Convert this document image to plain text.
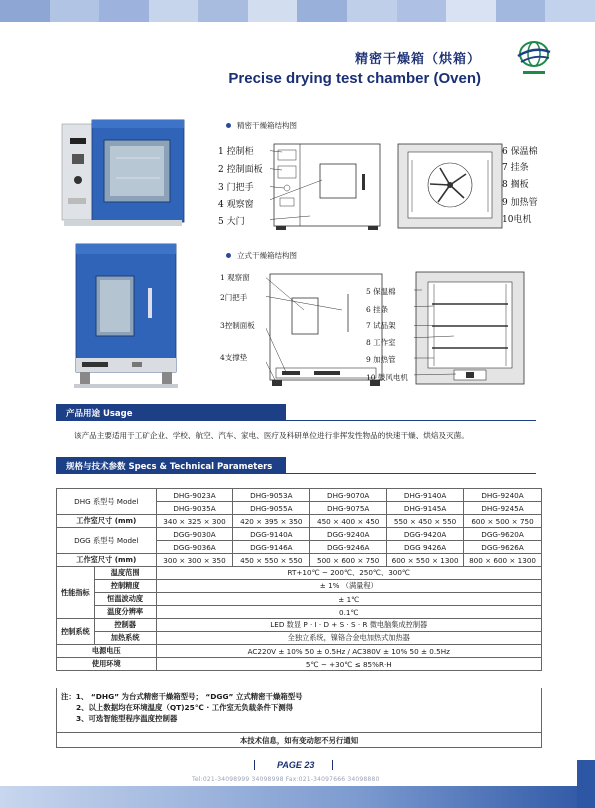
精密干燥箱（烘箱）
Precise drying test chamber (Oven)
精密干燥箱结构图
1 控制柜
2 控制面板
3 门把手
4 观察窗
5 大门
6 保温棉
7 挂条
8 搁板
9 加热管
10电机
立式干燥箱结构图
1 观察窗
2门把手
3控制面板
4支撑垫
5 保温棉
6 挂条
7 试品架
8 工作室
9 加热管
10 鼓风电机
产品用途 Usage
该产品主要适用于工矿企业、学校、航空、汽车、家电、医疗及科研单位进行非挥发性物品的快速干燥、烘焙及灭菌。
规格与技术参数 Specs & Technical Parameters
DHG 系型号 Model		DHG-9023A	DHG-9053A	DHG-9070A	DHG-9140A	DHG-9240A
		DHG-9035A	DHG-9055A	DHG-9075A	DHG-9145A	DHG-9245A
工作室尺寸 (mm)		340 × 325 × 300	420 × 395 × 350	450 × 400 × 450	550 × 450 × 550	600 × 500 × 750
DGG 系型号 Model		DGG-9030A	DGG-9140A	DGG-9240A	DGG-9420A	DGG-9620A
		DGG-9036A	DGG-9146A	DGG-9246A	DGG 9426A	DGG-9626A
工作室尺寸 (mm)		300 × 300 × 350	450 × 550 × 550	500 × 600 × 750	600 × 550 × 1300	800 × 600 × 1300
性能指标	温度范围	RT+10℃ ~ 200℃、250℃、300℃				
	控制精度	± 1% （满量程）				
	恒温波动度	± 1℃				
	温度分辨率	0.1℃				
控制系统	控制器	LED 数显 P · I · D + S · S · R 微电脑集成控制器				
	加热系统	全独立系统，镍铬合金电加热式加热器				
电源电压		AC220V ± 10% 50 ± 0.5Hz / AC380V ± 10% 50 ± 0.5Hz				
使用环境		5℃ ~ +30℃ ≤ 85%R·H				
注：1、 “DHG” 为台式精密干燥箱型号； “DGG” 立式精密干燥箱型号
2、以上数据均在环境温度（QT)25℃ · 工作室无负载条件下测得
3、可选智能型程序温度控制器
本技术信息，如有变动恕不另行通知
PAGE 23
Tel:021-34098999 34098998 Fax:021-34097666 34098880
